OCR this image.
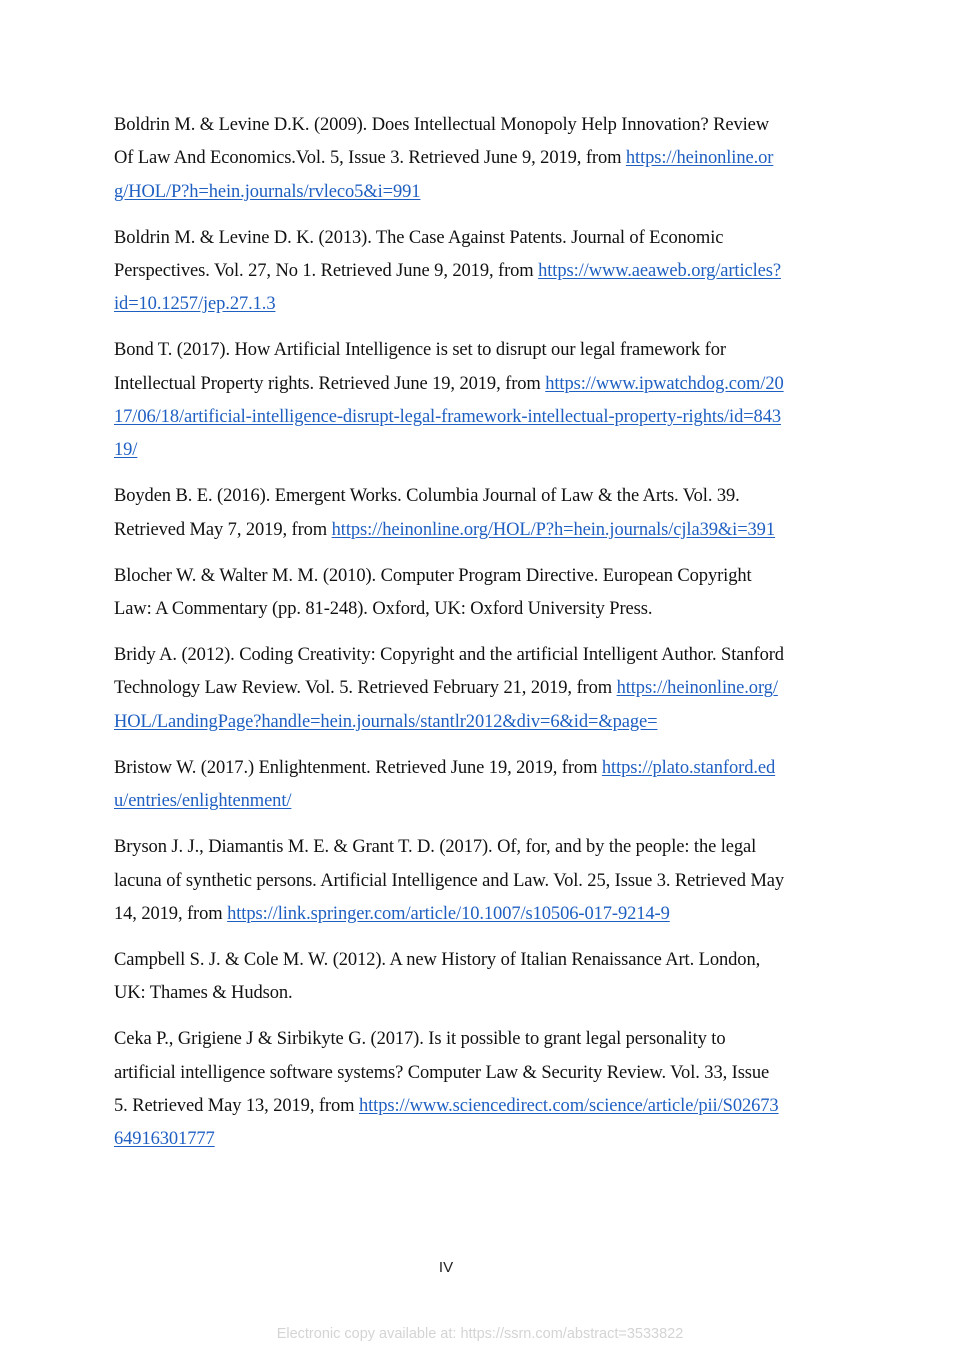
Boldrin M. & Levine D.K. (2009). Does Intellectual Monopoly Help Innovation? Review Of Law And Economics.Vol. 5, Issue 3. Retrieved June 9, 2019, from https://heinonline.org/HOL/P?h=hein.journals/rvleco5&i=991

Boldrin M. & Levine D. K. (2013). The Case Against Patents. Journal of Economic Perspectives. Vol. 27, No 1. Retrieved June 9, 2019, from https://www.aeaweb.org/articles?id=10.1257/jep.27.1.3

Bond T. (2017). How Artificial Intelligence is set to disrupt our legal framework for Intellectual Property rights. Retrieved June 19, 2019, from https://www.ipwatchdog.com/2017/06/18/artificial-intelligence-disrupt-legal-framework-intellectual-property-rights/id=84319/

Boyden B. E. (2016). Emergent Works. Columbia Journal of Law & the Arts. Vol. 39. Retrieved May 7, 2019, from https://heinonline.org/HOL/P?h=hein.journals/cjla39&i=391

Blocher W. & Walter M. M. (2010). Computer Program Directive. European Copyright Law: A Commentary (pp. 81-248). Oxford, UK: Oxford University Press.

Bridy A. (2012). Coding Creativity: Copyright and the artificial Intelligent Author. Stanford Technology Law Review. Vol. 5. Retrieved February 21, 2019, from https://heinonline.org/HOL/LandingPage?handle=hein.journals/stantlr2012&div=6&id=&page=

Bristow W. (2017.) Enlightenment. Retrieved June 19, 2019, from https://plato.stanford.edu/entries/enlightenment/

Bryson J. J., Diamantis M. E. & Grant T. D. (2017). Of, for, and by the people: the legal lacuna of synthetic persons. Artificial Intelligence and Law. Vol. 25, Issue 3. Retrieved May 14, 2019, from https://link.springer.com/article/10.1007/s10506-017-9214-9

Campbell S. J. & Cole M. W. (2012). A new History of Italian Renaissance Art. London, UK: Thames & Hudson.

Ceka P., Grigiene J & Sirbikyte G. (2017). Is it possible to grant legal personality to artificial intelligence software systems? Computer Law & Security Review. Vol. 33, Issue 5. Retrieved May 13, 2019, from https://www.sciencedirect.com/science/article/pii/S0267364916301777

IV
Electronic copy available at: https://ssrn.com/abstract=3533822
